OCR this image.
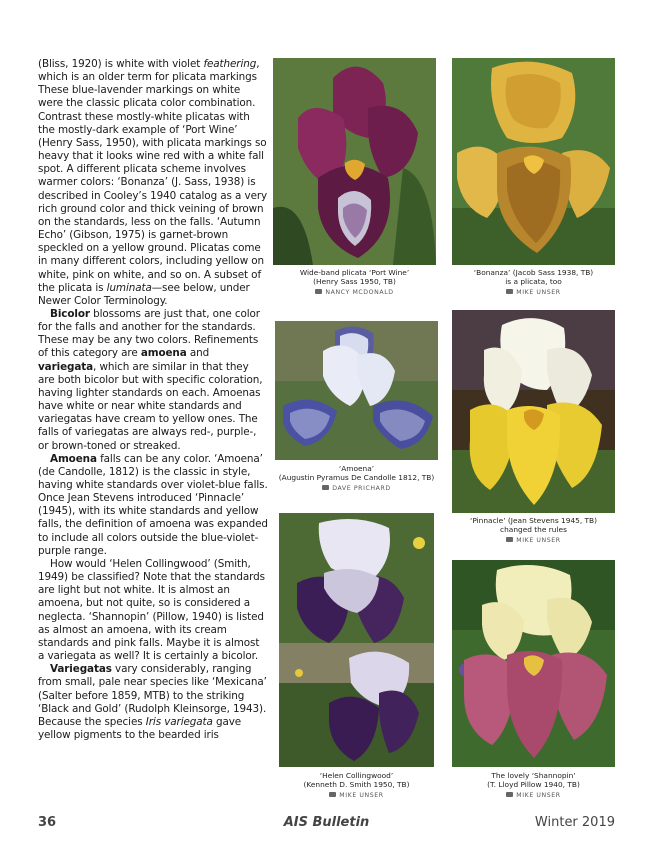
(Bliss, 1920) is white with violet feathering, which is an older term for plicata markings These blue-lavender markings on white were the classic plicata color combination. Contrast these mostly-white plicatas with the mostly-dark example of ‘Port Wine’ (Henry Sass, 1950), with plicata markings so heavy that it looks wine red with a white fall spot. A different plicata scheme involves warmer colors: ‘Bonanza’ (J. Sass, 1938) is described in Cooley’s 1940 catalog as a very rich ground color and thick veining of brown on the standards, less on the falls. ‘Autumn Echo’ (Gibson, 1975) is garnet-brown speckled on a yellow ground. Plicatas come in many different colors, including yellow on white, pink on white, and so on. A subset of the plicata is luminata—see below, under Newer Color Terminology.

Bicolor blossoms are just that, one color for the falls and another for the standards. These may be any two colors. Refinements of this category are amoena and variegata, which are similar in that they are both bicolor but with specific coloration, having lighter standards on each. Amoenas have white or near white standards and variegatas have cream to yellow ones. The falls of variegatas are always red-, purple-, or brown-toned or streaked.

Amoena falls can be any color. ‘Amoena’ (de Candolle, 1812) is the classic in style, having white standards over violet-blue falls. Once Jean Stevens introduced ‘Pinnacle’ (1945), with its white standards and yellow falls, the definition of amoena was expanded to include all colors outside the blue-violet-purple range.

How would ‘Helen Collingwood’ (Smith, 1949) be classified? Note that the standards are light but not white. It is almost an amoena, but not quite, so is considered a neglecta. ‘Shannopin’ (Pillow, 1940) is listed as almost an amoena, with its cream standards and pink falls. Maybe it is almost a variegata as well? It is certainly a bicolor.

Variegatas vary considerably, ranging from small, pale near species like ‘Mexicana’ (Salter before 1859, MTB) to the striking ‘Black and Gold’ (Rudolph Kleinsorge, 1943). Because the species Iris variegata gave yellow pigments to the bearded iris

Wide-band plicata ‘Port Wine’
(Henry Sass 1950, TB)
NANCY MCDONALD
‘Bonanza’ (Jacob Sass 1938, TB)
is a plicata, too
MIKE UNSER
‘Amoena’
(Augustin Pyramus De Candolle 1812, TB)
DAVE PRICHARD
‘Pinnacle’ (Jean Stevens 1945, TB)
changed the rules
MIKE UNSER
‘Helen Collingwood’
(Kenneth D. Smith 1950, TB)
MIKE UNSER
The lovely ‘Shannopin’
(T. Lloyd Pillow 1940, TB)
MIKE UNSER
36	AIS Bulletin	Winter 2019
